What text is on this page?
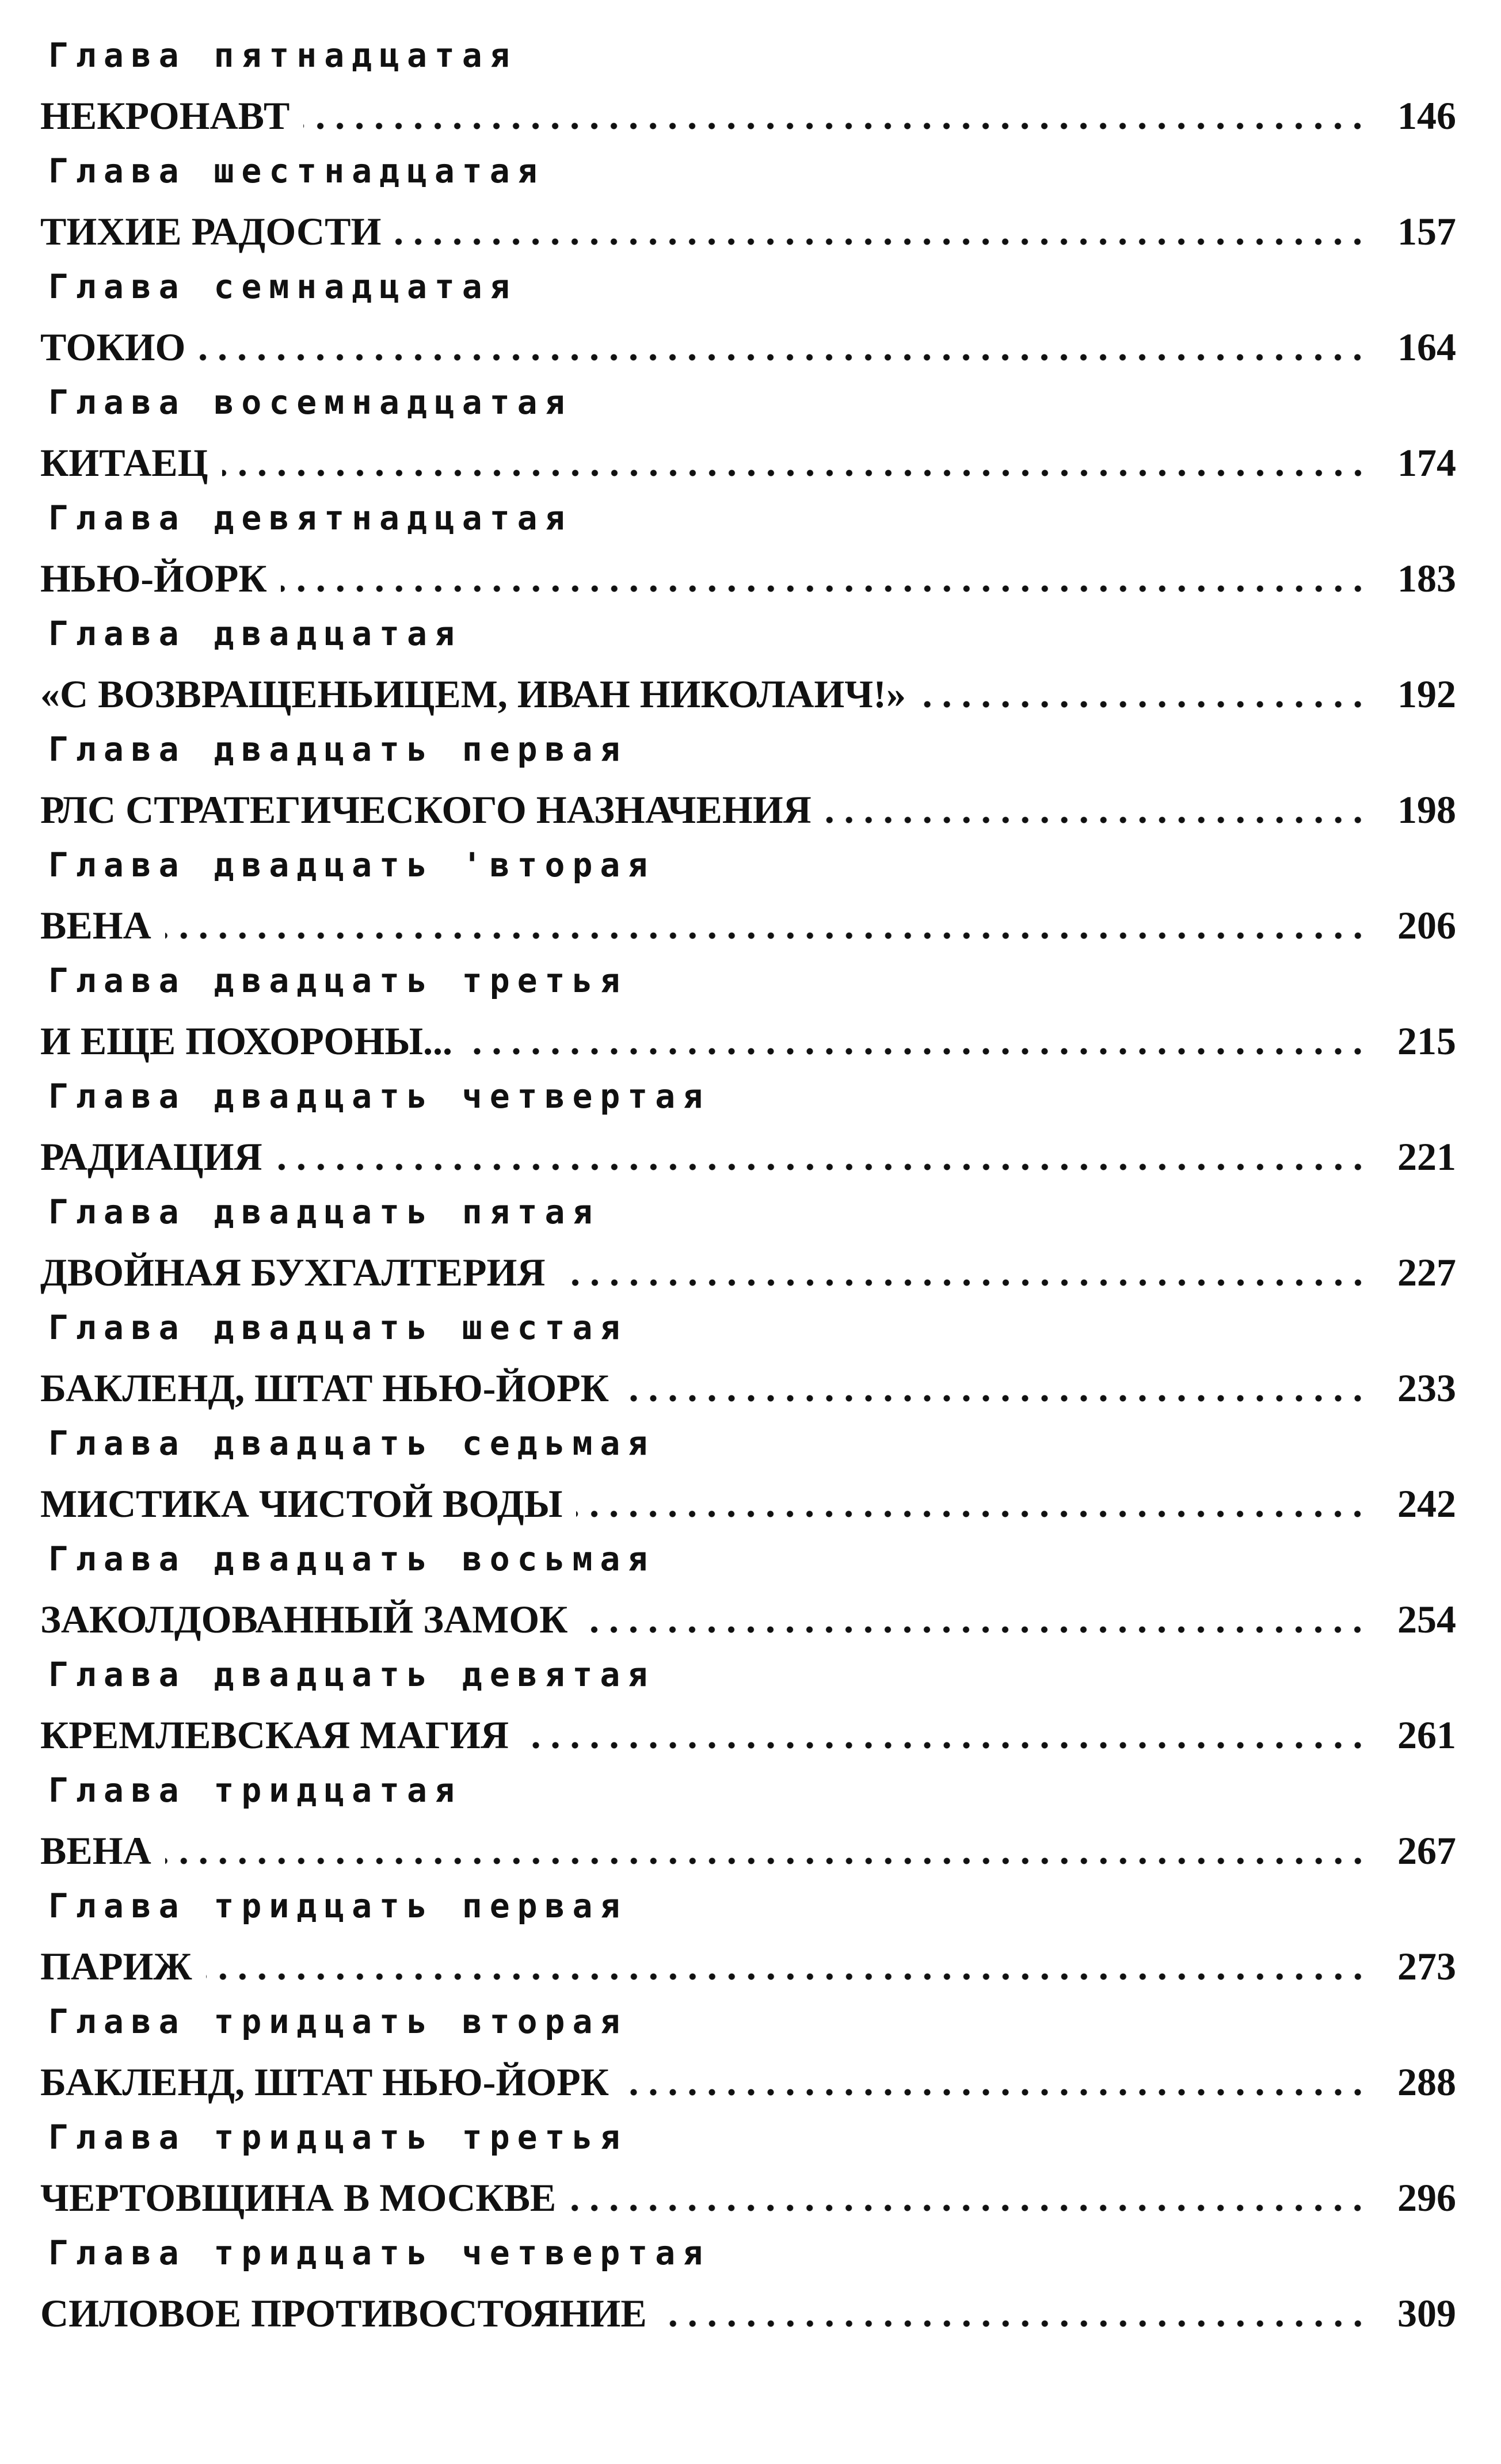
Глава пятнадцатая
НЕКРОНАВТ	146
Глава шестнадцатая
ТИХИЕ РАДОСТИ	157
Глава семнадцатая
ТОКИО	164
Глава восемнадцатая
КИТАЕЦ	174
Глава девятнадцатая
НЬЮ-ЙОРК	183
Глава двадцатая
«С ВОЗВРАЩЕНЬИЦЕМ, ИВАН НИКОЛАИЧ!»	192
Глава двадцать первая
РЛС СТРАТЕГИЧЕСКОГО НАЗНАЧЕНИЯ	198
Глава двадцать 'вторая
ВЕНА	206
Глава двадцать третья
И ЕЩЕ ПОХОРОНЫ...	215
Глава двадцать четвертая
РАДИАЦИЯ	221
Глава двадцать пятая
ДВОЙНАЯ БУХГАЛТЕРИЯ	227
Глава двадцать шестая
БАКЛЕНД, ШТАТ НЬЮ-ЙОРК	233
Глава двадцать седьмая
МИСТИКА ЧИСТОЙ ВОДЫ	242
Глава двадцать восьмая
ЗАКОЛДОВАННЫЙ ЗАМОК	254
Глава двадцать девятая
КРЕМЛЕВСКАЯ МАГИЯ	261
Глава тридцатая
ВЕНА	267
Глава тридцать первая
ПАРИЖ	273
Глава тридцать вторая
БАКЛЕНД, ШТАТ НЬЮ-ЙОРК	288
Глава тридцать третья
ЧЕРТОВЩИНА В МОСКВЕ	296
Глава тридцать четвертая
СИЛОВОЕ ПРОТИВОСТОЯНИЕ	309
